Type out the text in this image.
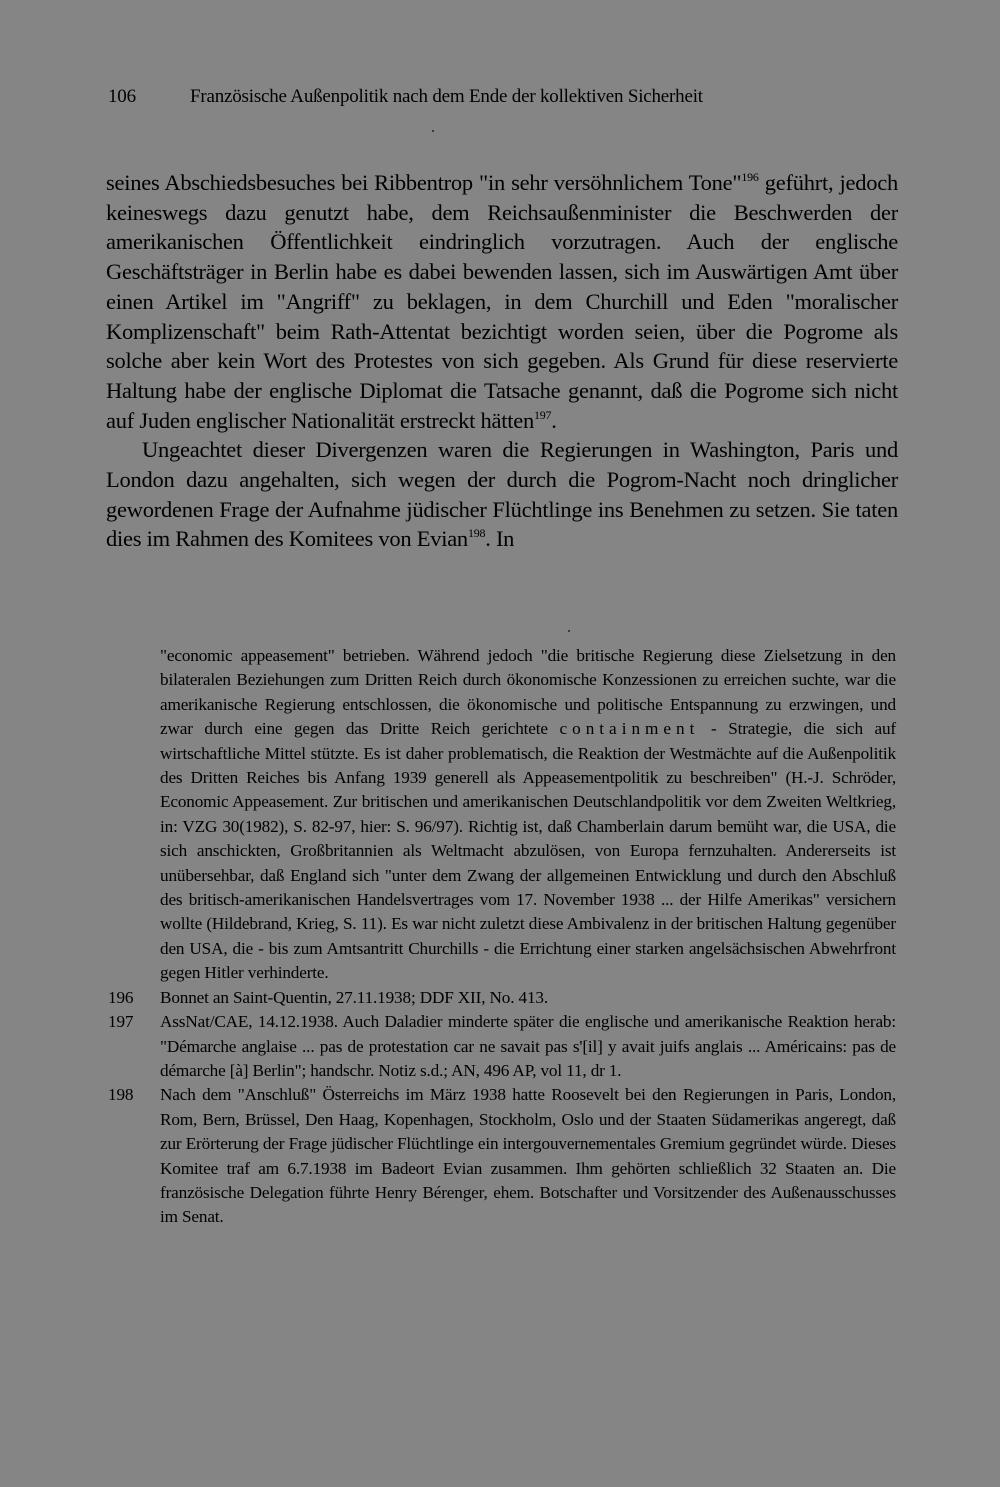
106	Französische Außenpolitik nach dem Ende der kollektiven Sicherheit

seines Abschiedsbesuches bei Ribbentrop "in sehr versöhnlichem Tone"$^{196}$ geführt, jedoch keineswegs dazu genutzt habe, dem Reichsaußenminister die Beschwerden der amerikanischen Öffentlichkeit eindringlich vorzutragen. Auch der englische Geschäftsträger in Berlin habe es dabei bewenden lassen, sich im Auswärtigen Amt über einen Artikel im "Angriff" zu beklagen, in dem Churchill und Eden "moralischer Komplizenschaft" beim Rath-Attentat bezichtigt worden seien, über die Pogrome als solche aber kein Wort des Protestes von sich gegeben. Als Grund für diese reservierte Haltung habe der englische Diplomat die Tatsache genannt, daß die Pogrome sich nicht auf Juden englischer Nationalität erstreckt hätten$^{197}$.

Ungeachtet dieser Divergenzen waren die Regierungen in Washington, Paris und London dazu angehalten, sich wegen der durch die Pogrom-Nacht noch dringlicher gewordenen Frage der Aufnahme jüdischer Flüchtlinge ins Benehmen zu setzen. Sie taten dies im Rahmen des Komitees von Evian$^{198}$. In

"economic appeasement" betrieben. Während jedoch "die britische Regierung diese Zielsetzung in den bilateralen Beziehungen zum Dritten Reich durch ökonomische Konzessionen zu erreichen suchte, war die amerikanische Regierung entschlossen, die ökonomische und politische Entspannung zu erzwingen, und zwar durch eine gegen das Dritte Reich gerichtete containment - Strategie, die sich auf wirtschaftliche Mittel stützte. Es ist daher problematisch, die Reaktion der Westmächte auf die Außenpolitik des Dritten Reiches bis Anfang 1939 generell als Appeasementpolitik zu beschreiben" (H.-J. Schröder, Economic Appeasement. Zur britischen und amerikanischen Deutschlandpolitik vor dem Zweiten Weltkrieg, in: VZG 30(1982), S. 82-97, hier: S. 96/97). Richtig ist, daß Chamberlain darum bemüht war, die USA, die sich anschickten, Großbritannien als Weltmacht abzulösen, von Europa fernzuhalten. Andererseits ist unübersehbar, daß England sich "unter dem Zwang der allgemeinen Entwicklung und durch den Abschluß des britisch-amerikanischen Handelsvertrages vom 17. November 1938 ... der Hilfe Amerikas" versichern wollte (Hildebrand, Krieg, S. 11). Es war nicht zuletzt diese Ambivalenz in der britischen Haltung gegenüber den USA, die - bis zum Amtsantritt Churchills - die Errichtung einer starken angelsächsischen Abwehrfront gegen Hitler verhinderte.
196	Bonnet an Saint-Quentin, 27.11.1938; DDF XII, No. 413.
197	AssNat/CAE, 14.12.1938. Auch Daladier minderte später die englische und amerikanische Reaktion herab: "Démarche anglaise ... pas de protestation car ne savait pas s'[il] y avait juifs anglais ... Américains: pas de démarche [à] Berlin"; handschr. Notiz s.d.; AN, 496 AP, vol 11, dr 1.
198	Nach dem "Anschluß" Österreichs im März 1938 hatte Roosevelt bei den Regierungen in Paris, London, Rom, Bern, Brüssel, Den Haag, Kopenhagen, Stockholm, Oslo und der Staaten Südamerikas angeregt, daß zur Erörterung der Frage jüdischer Flüchtlinge ein intergouvernementales Gremium gegründet würde. Dieses Komitee traf am 6.7.1938 im Badeort Evian zusammen. Ihm gehörten schließlich 32 Staaten an. Die französische Delegation führte Henry Bérenger, ehem. Botschafter und Vorsitzender des Außenausschusses im Senat.
